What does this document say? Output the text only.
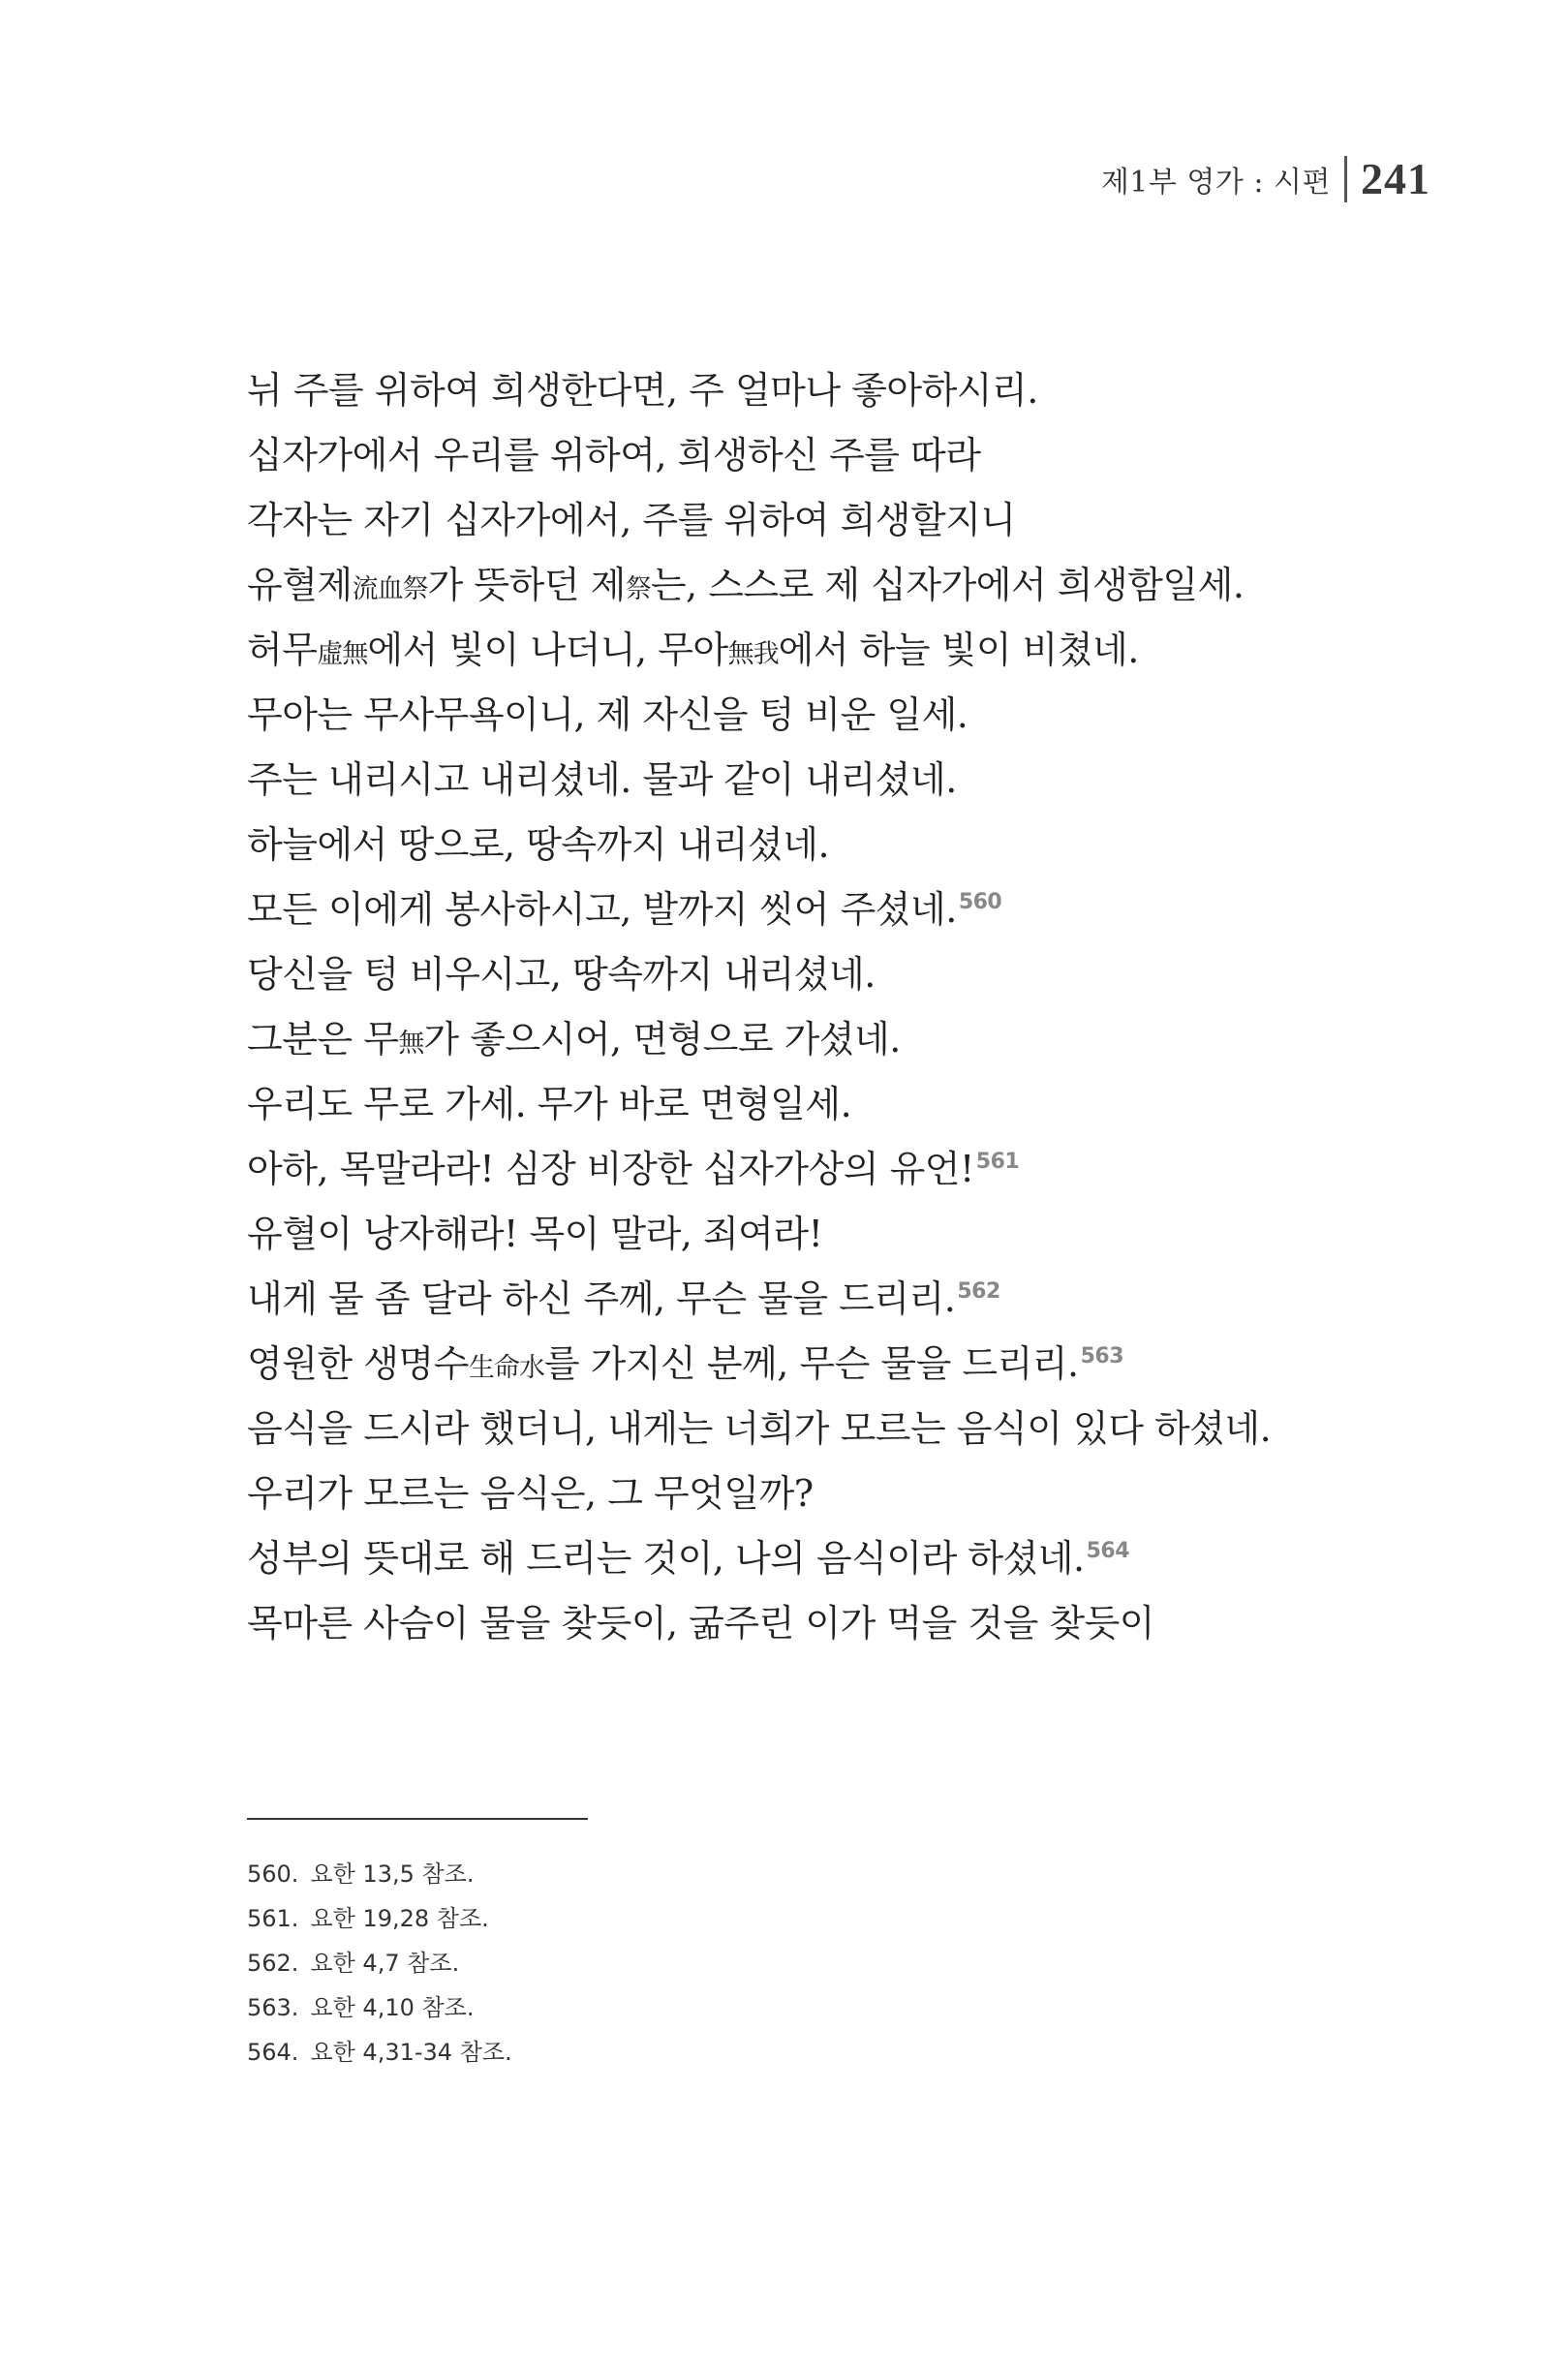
제1부 영가 : 시편 241
뉘 주를 위하여 희생한다면, 주 얼마나 좋아하시리.
십자가에서 우리를 위하여, 희생하신 주를 따라
각자는 자기 십자가에서, 주를 위하여 희생할지니
유혈제流血祭가 뜻하던 제祭는, 스스로 제 십자가에서 희생함일세.
허무虛無에서 빛이 나더니, 무아無我에서 하늘 빛이 비쳤네.
무아는 무사무욕이니, 제 자신을 텅 비운 일세.
주는 내리시고 내리셨네. 물과 같이 내리셨네.
하늘에서 땅으로, 땅속까지 내리셨네.
모든 이에게 봉사하시고, 발까지 씻어 주셨네.$^{560}$
당신을 텅 비우시고, 땅속까지 내리셨네.
그분은 무無가 좋으시어, 면형으로 가셨네.
우리도 무로 가세. 무가 바로 면형일세.
아하, 목말라라! 심장 비장한 십자가상의 유언!$^{561}$
유혈이 낭자해라! 목이 말라, 죄여라!
내게 물 좀 달라 하신 주께, 무슨 물을 드리리.$^{562}$
영원한 생명수生命水를 가지신 분께, 무슨 물을 드리리.$^{563}$
음식을 드시라 했더니, 내게는 너희가 모르는 음식이 있다 하셨네.
우리가 모르는 음식은, 그 무엇일까?
성부의 뜻대로 해 드리는 것이, 나의 음식이라 하셨네.$^{564}$
목마른 사슴이 물을 찾듯이, 굶주린 이가 먹을 것을 찾듯이
560. 요한 13,5 참조.
561. 요한 19,28 참조.
562. 요한 4,7 참조.
563. 요한 4,10 참조.
564. 요한 4,31-34 참조.
